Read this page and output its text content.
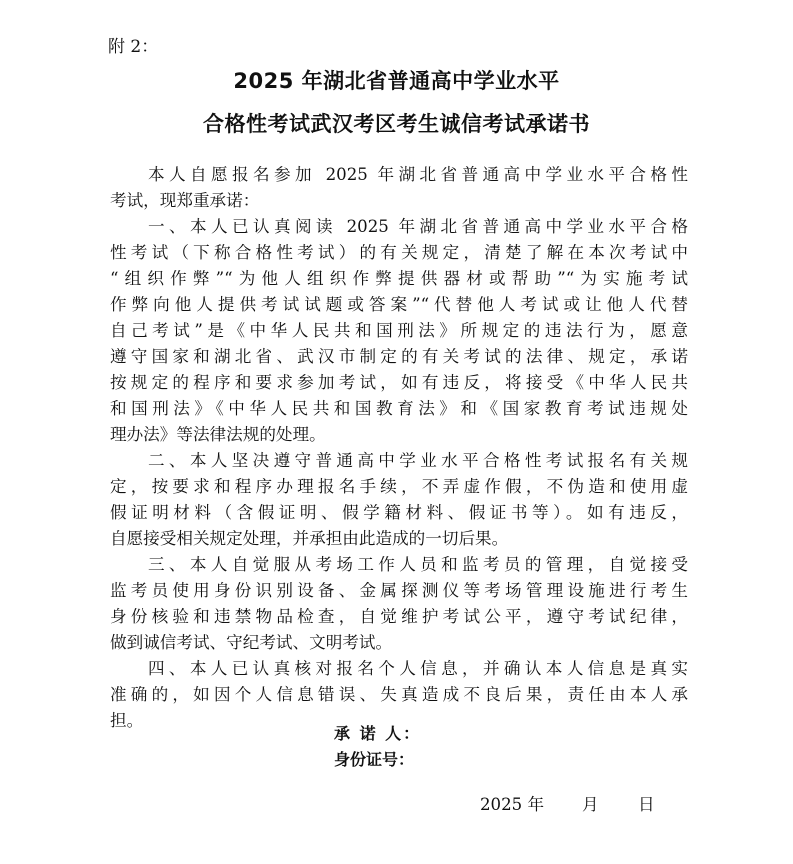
附 2：
2025 年湖北省普通高中学业水平
合格性考试武汉考区考生诚信考试承诺书
本人自愿报名参加 2025 年湖北省普通高中学业水平合格性
考试，现郑重承诺：
一、本人已认真阅读 2025 年湖北省普通高中学业水平合格
性考试（下称合格性考试）的有关规定，清楚了解在本次考试中
“组织作弊”“为他人组织作弊提供器材或帮助”“为实施考试
作弊向他人提供考试试题或答案”“代替他人考试或让他人代替
自己考试”是《中华人民共和国刑法》所规定的违法行为，愿意
遵守国家和湖北省、武汉市制定的有关考试的法律、规定，承诺
按规定的程序和要求参加考试，如有违反，将接受《中华人民共
和国刑法》《中华人民共和国教育法》和《国家教育考试违规处
理办法》等法律法规的处理。
二、本人坚决遵守普通高中学业水平合格性考试报名有关规
定，按要求和程序办理报名手续，不弄虚作假，不伪造和使用虚
假证明材料（含假证明、假学籍材料、假证书等）。如有违反，
自愿接受相关规定处理，并承担由此造成的一切后果。
三、本人自觉服从考场工作人员和监考员的管理，自觉接受
监考员使用身份识别设备、金属探测仪等考场管理设施进行考生
身份核验和违禁物品检查，自觉维护考试公平，遵守考试纪律，
做到诚信考试、守纪考试、文明考试。
四、本人已认真核对报名个人信息，并确认本人信息是真实
准确的，如因个人信息错误、失真造成不良后果，责任由本人承
担。
承 诺 人：
身份证号：
2025 年 月 日
